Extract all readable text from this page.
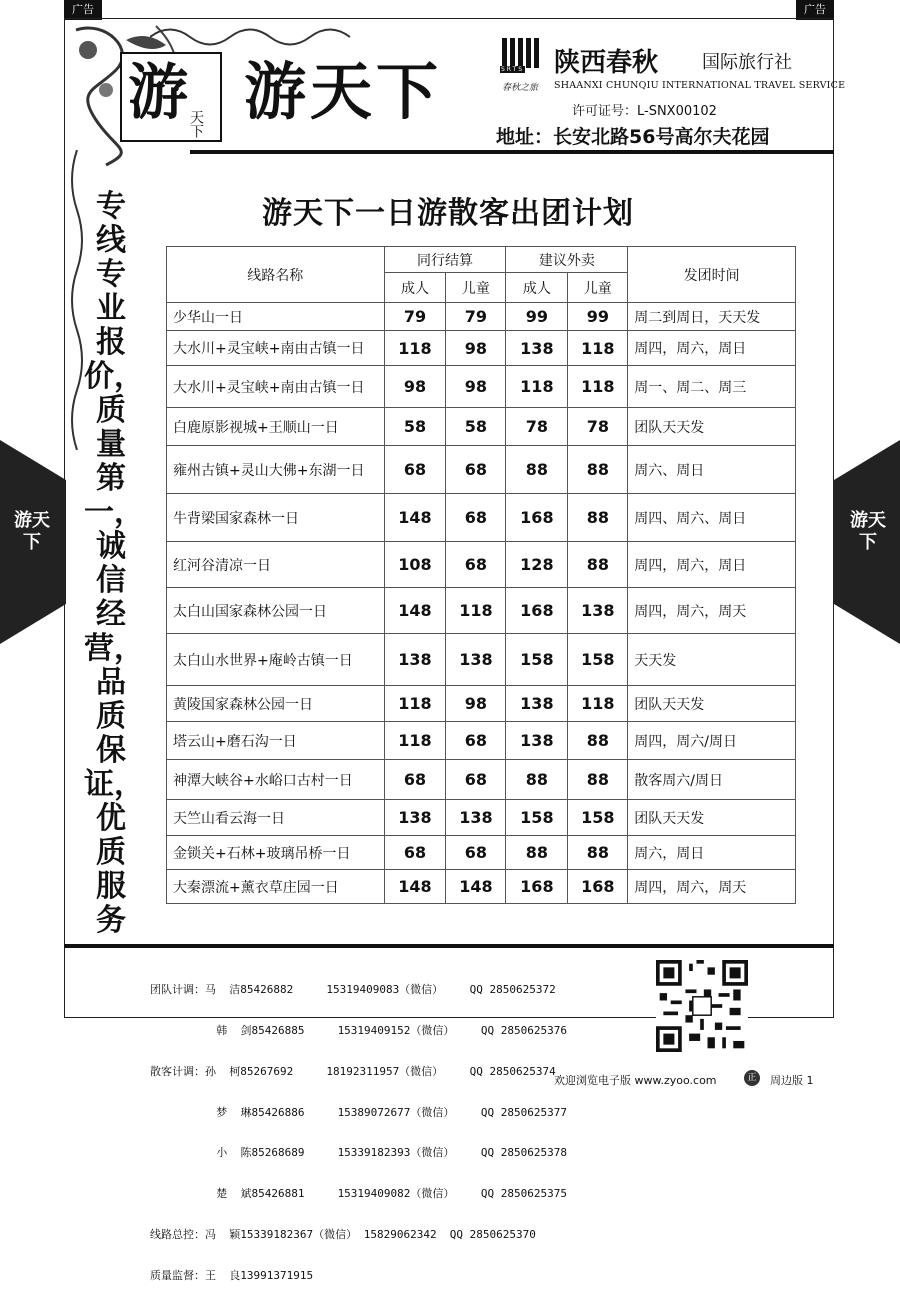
广告	广告
游 天下 游天下	SRTS
春秋之旅
陕西春秋 国际旅行社
SHAANXI CHUNQIU INTERNATIONAL TRAVEL SERVICE
许可证号：L-SNX00102
地址：长安北路56号高尔夫花园
游天下
游天下
专线专业报价，质量第一，诚信经营，品质保证，优质服务
游天下一日游散客出团计划
线路名称	同行结算		建议外卖		发团时间
	成人	儿童	成人	儿童	
少华山一日	79	79	99	99	周二到周日，天天发
大水川+灵宝峡+南由古镇一日	118	98	138	118	周四，周六，周日
大水川+灵宝峡+南由古镇一日	98	98	118	118	周一、周二、周三
白鹿原影视城+王顺山一日	58	58	78	78	团队天天发
雍州古镇+灵山大佛+东湖一日	68	68	88	88	周六、周日
牛背梁国家森林一日	148	68	168	88	周四、周六、周日
红河谷清凉一日	108	68	128	88	周四，周六，周日
太白山国家森林公园一日	148	118	168	138	周四，周六，周天
太白山水世界+庵岭古镇一日	138	138	158	158	天天发
黄陵国家森林公园一日	118	98	138	118	团队天天发
塔云山+磨石沟一日	118	68	138	88	周四，周六/周日
神潭大峡谷+水峪口古村一日	68	68	88	88	散客周六/周日
天竺山看云海一日	138	138	158	158	团队天天发
金锁关+石林+玻璃吊桥一日	68	68	88	88	周六，周日
大秦漂流+薰衣草庄园一日	148	148	168	168	周四，周六，周天

团队计调：马  洁85426882     15319409083（微信）    QQ 2850625372

韩  剑85426885     15319409152（微信）    QQ 2850625376

散客计调：孙  柯85267692     18192311957（微信）    QQ 2850625374

梦  琳85426886     15389072677（微信）    QQ 2850625377

小  陈85268689     15339182393（微信）    QQ 2850625378

楚  斌85426881     15319409082（微信）    QQ 2850625375

线路总控：冯  颖15339182367（微信） 15829062342  QQ 2850625370

质量监督：王  良13991371915

欢迎浏览电子版 www.zyoo.com	正	周边版 1
